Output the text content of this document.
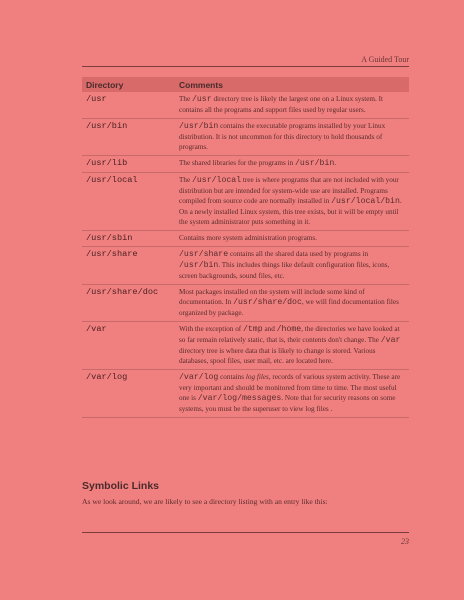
A Guided Tour
Directory	Comments
/usr	The /usr directory tree is likely the largest one on a Linux system. It contains all the programs and support files used by regular users.
/usr/bin	/usr/bin contains the executable programs installed by your Linux distribution. It is not uncommon for this directory to hold thousands of programs.
/usr/lib	The shared libraries for the programs in /usr/bin.
/usr/local	The /usr/local tree is where programs that are not included with your distribution but are intended for system-wide use are installed. Programs compiled from source code are normally installed in /usr/local/bin. On a newly installed Linux system, this tree exists, but it will be empty until the system administrator puts something in it.
/usr/sbin	Contains more system administration programs.
/usr/share	/usr/share contains all the shared data used by programs in /usr/bin. This includes things like default configuration files, icons, screen backgrounds, sound files, etc.
/usr/share/doc	Most packages installed on the system will include some kind of documentation. In /usr/share/doc, we will find documentation files organized by package.
/var	With the exception of /tmp and /home, the directories we have looked at so far remain relatively static, that is, their contents don't change. The /var directory tree is where data that is likely to change is stored. Various databases, spool files, user mail, etc. are located here.
/var/log	/var/log contains log files, records of various system activity. These are very important and should be monitored from time to time. The most useful one is /var/log/messages. Note that for security reasons on some systems, you must be the superuser to view log files .
Symbolic Links
As we look around, we are likely to see a directory listing with an entry like this:
23
